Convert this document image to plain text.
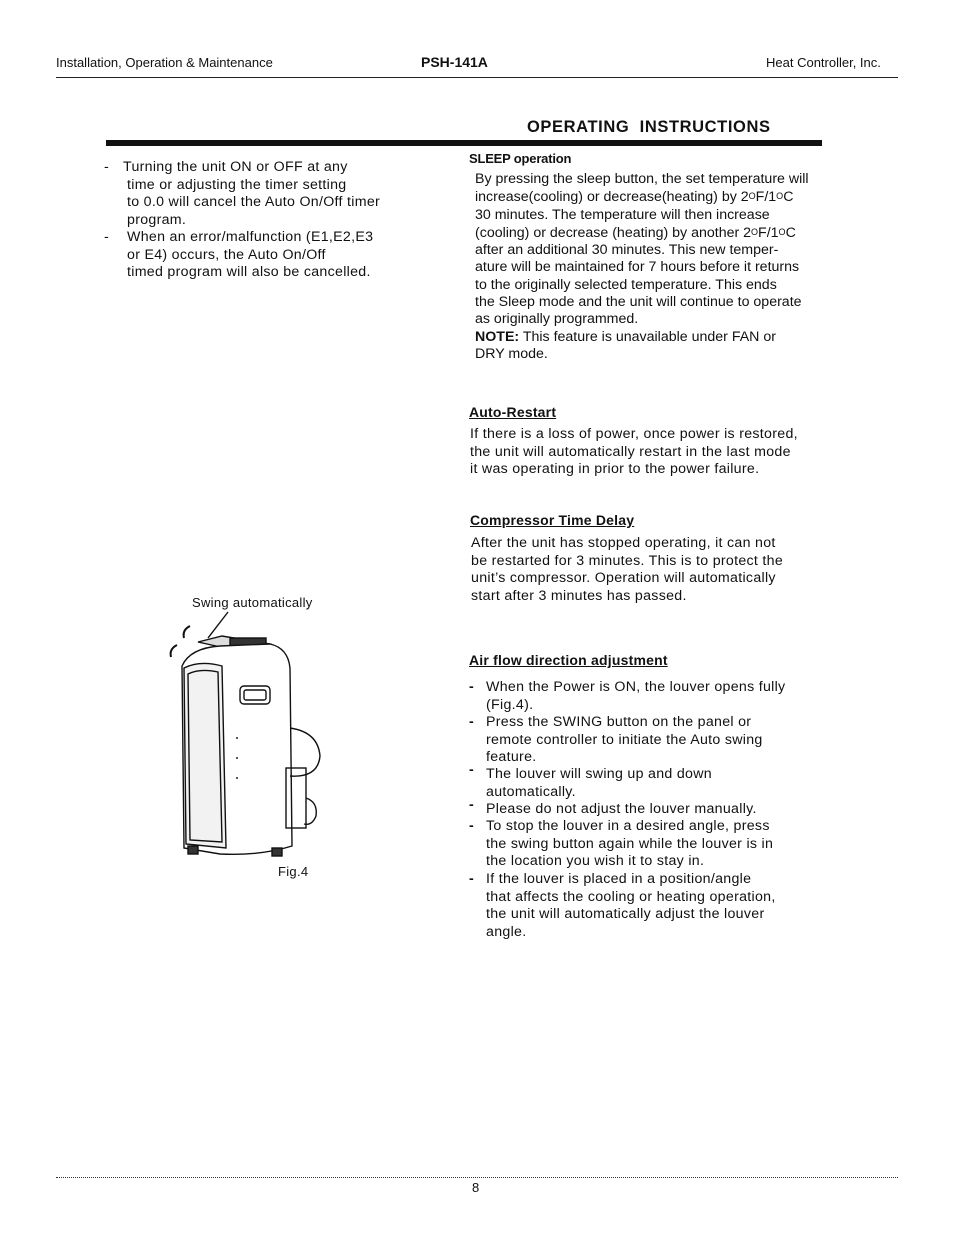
Installation, Operation & Maintenance	PSH-141A	Heat Controller, Inc.
OPERATING  INSTRUCTIONS
- Turning the unit ON or OFF at any
time or adjusting the timer setting
to 0.0 will cancel the Auto On/Off timer
program.
- When an error/malfunction (E1,E2,E3
or E4) occurs, the Auto On/Off
timed program will also be cancelled.
Swing automatically
Fig.4
SLEEP operation
By pressing the sleep button, the set temperature will
increase(cooling) or decrease(heating) by $2^OF/1^OC$
30 minutes. The temperature will then increase
(cooling) or decrease (heating) by another $2^OF/1^OC$
after an additional 30 minutes. This new temper-
ature will be maintained for 7 hours before it returns
to the originally selected temperature. This ends
the Sleep mode and the unit will continue to operate
as originally programmed.
NOTE: This feature is unavailable under FAN or
DRY mode.
Auto-Restart
If there is a loss of power, once power is restored,
the unit will automatically restart in the last mode
it was operating in prior to the power failure.
Compressor Time Delay
After the unit has stopped operating, it can not
be restarted for 3 minutes. This is to protect the
unit’s compressor. Operation will automatically
start after 3 minutes has passed.
Air flow direction adjustment
- When the Power is ON, the louver opens fully
(Fig.4).
- Press the SWING button on the panel or
remote controller to initiate the Auto swing
feature.
- The louver will swing up and down
automatically.
- Please do not adjust the louver manually.
- To stop the louver in a desired angle, press
the swing button again while the louver is in
the location you wish it to stay in.
- If the louver is placed in a position/angle
that affects the cooling or heating operation,
the unit will automatically adjust the louver
angle.
8
